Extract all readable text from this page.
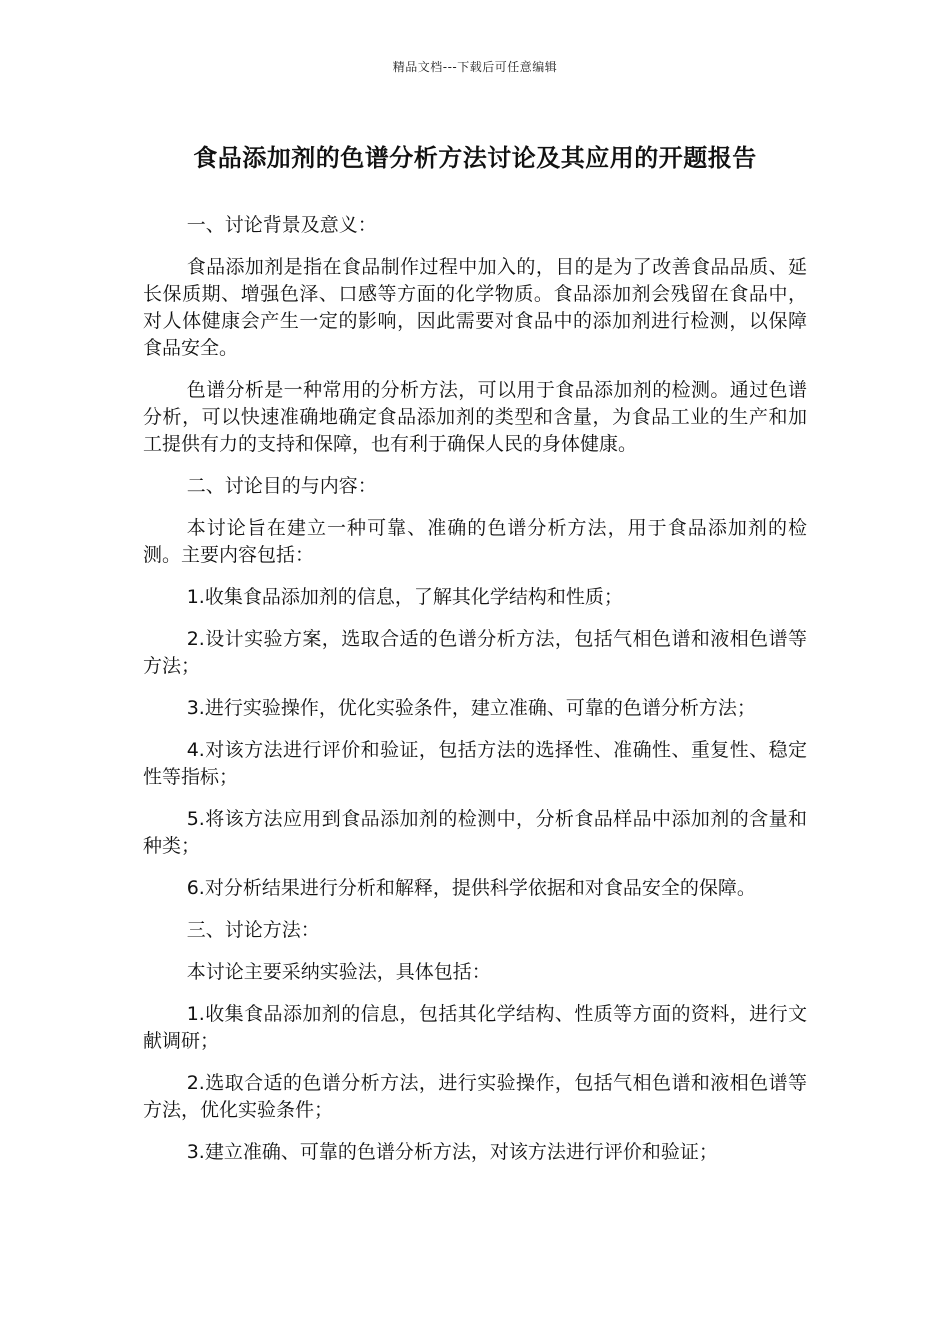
精品文档---下载后可任意编辑
食品添加剂的色谱分析方法讨论及其应用的开题报告

一、讨论背景及意义：

食品添加剂是指在食品制作过程中加入的，目的是为了改善食品品质、延长保质期、增强色泽、口感等方面的化学物质。食品添加剂会残留在食品中，对人体健康会产生一定的影响，因此需要对食品中的添加剂进行检测，以保障食品安全。

色谱分析是一种常用的分析方法，可以用于食品添加剂的检测。通过色谱分析，可以快速准确地确定食品添加剂的类型和含量，为食品工业的生产和加工提供有力的支持和保障，也有利于确保人民的身体健康。

二、讨论目的与内容：

本讨论旨在建立一种可靠、准确的色谱分析方法，用于食品添加剂的检测。主要内容包括：

1.收集食品添加剂的信息，了解其化学结构和性质；

2.设计实验方案，选取合适的色谱分析方法，包括气相色谱和液相色谱等方法；

3.进行实验操作，优化实验条件，建立准确、可靠的色谱分析方法；

4.对该方法进行评价和验证，包括方法的选择性、准确性、重复性、稳定性等指标；

5.将该方法应用到食品添加剂的检测中，分析食品样品中添加剂的含量和种类；

6.对分析结果进行分析和解释，提供科学依据和对食品安全的保障。

三、讨论方法：

本讨论主要采纳实验法，具体包括：

1.收集食品添加剂的信息，包括其化学结构、性质等方面的资料，进行文献调研；

2.选取合适的色谱分析方法，进行实验操作，包括气相色谱和液相色谱等方法，优化实验条件；

3.建立准确、可靠的色谱分析方法，对该方法进行评价和验证；
